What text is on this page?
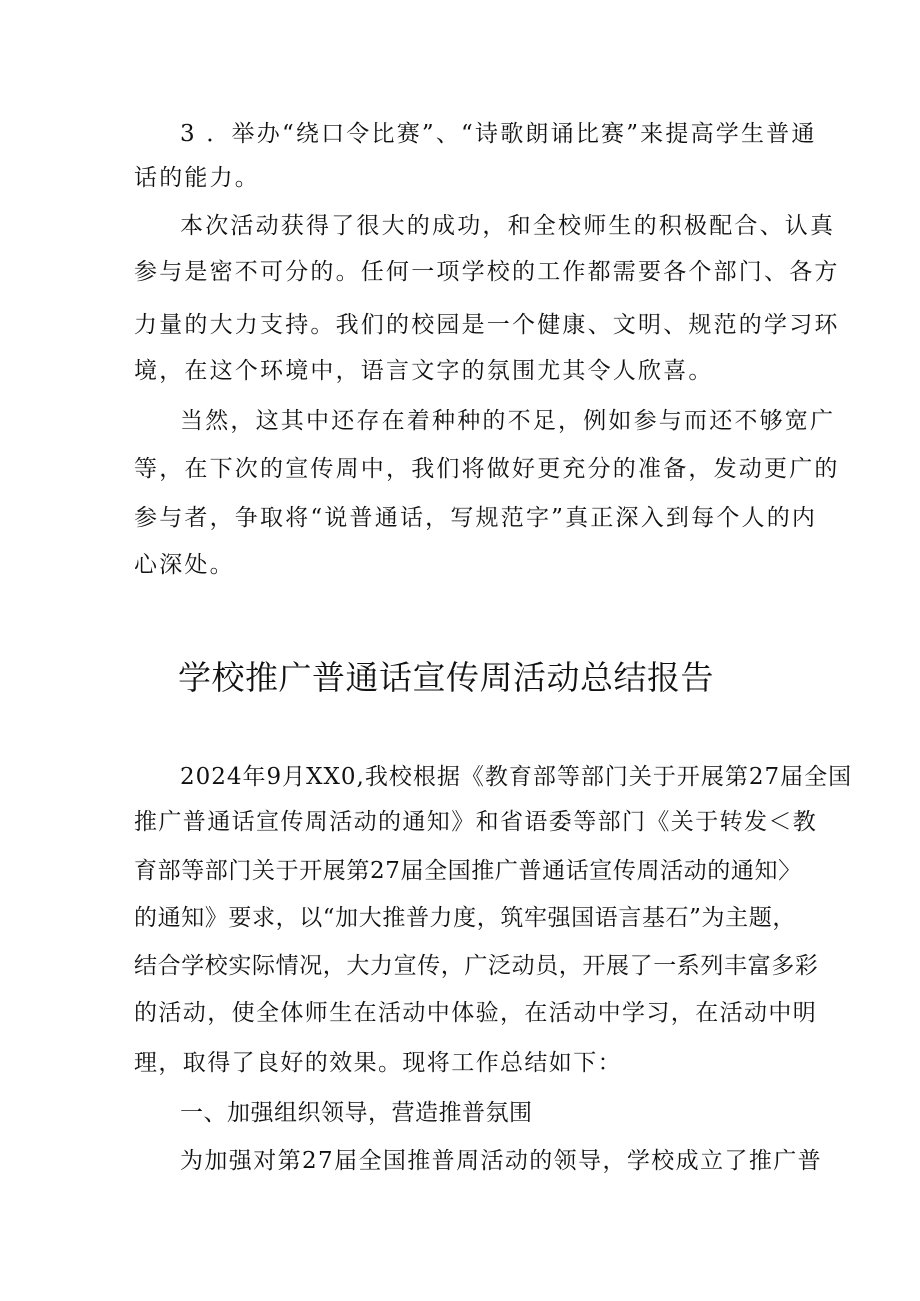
3 ．举办“绕口令比赛”、“诗歌朗诵比赛”来提高学生普通
话的能力。
本次活动获得了很大的成功，和全校师生的积极配合、认真
参与是密不可分的。任何一项学校的工作都需要各个部门、各方
力量的大力支持。我们的校园是一个健康、文明、规范的学习环
境，在这个环境中，语言文字的氛围尤其令人欣喜。
当然，这其中还存在着种种的不足，例如参与而还不够宽广
等，在下次的宣传周中，我们将做好更充分的准备，发动更广的
参与者，争取将“说普通话，写规范字”真正深入到每个人的内
心深处。
学校推广普通话宣传周活动总结报告
2024年9月XX0,我校根据《教育部等部门关于开展第27届全国
推广普通话宣传周活动的通知》和省语委等部门《关于转发＜教
育部等部门关于开展第27届全国推广普通话宣传周活动的通知〉
的通知》要求，以“加大推普力度，筑牢强国语言基石”为主题，
结合学校实际情况，大力宣传，广泛动员，开展了一系列丰富多彩
的活动，使全体师生在活动中体验，在活动中学习，在活动中明
理，取得了良好的效果。现将工作总结如下：
一、加强组织领导，营造推普氛围
为加强对第27届全国推普周活动的领导，学校成立了推广普
